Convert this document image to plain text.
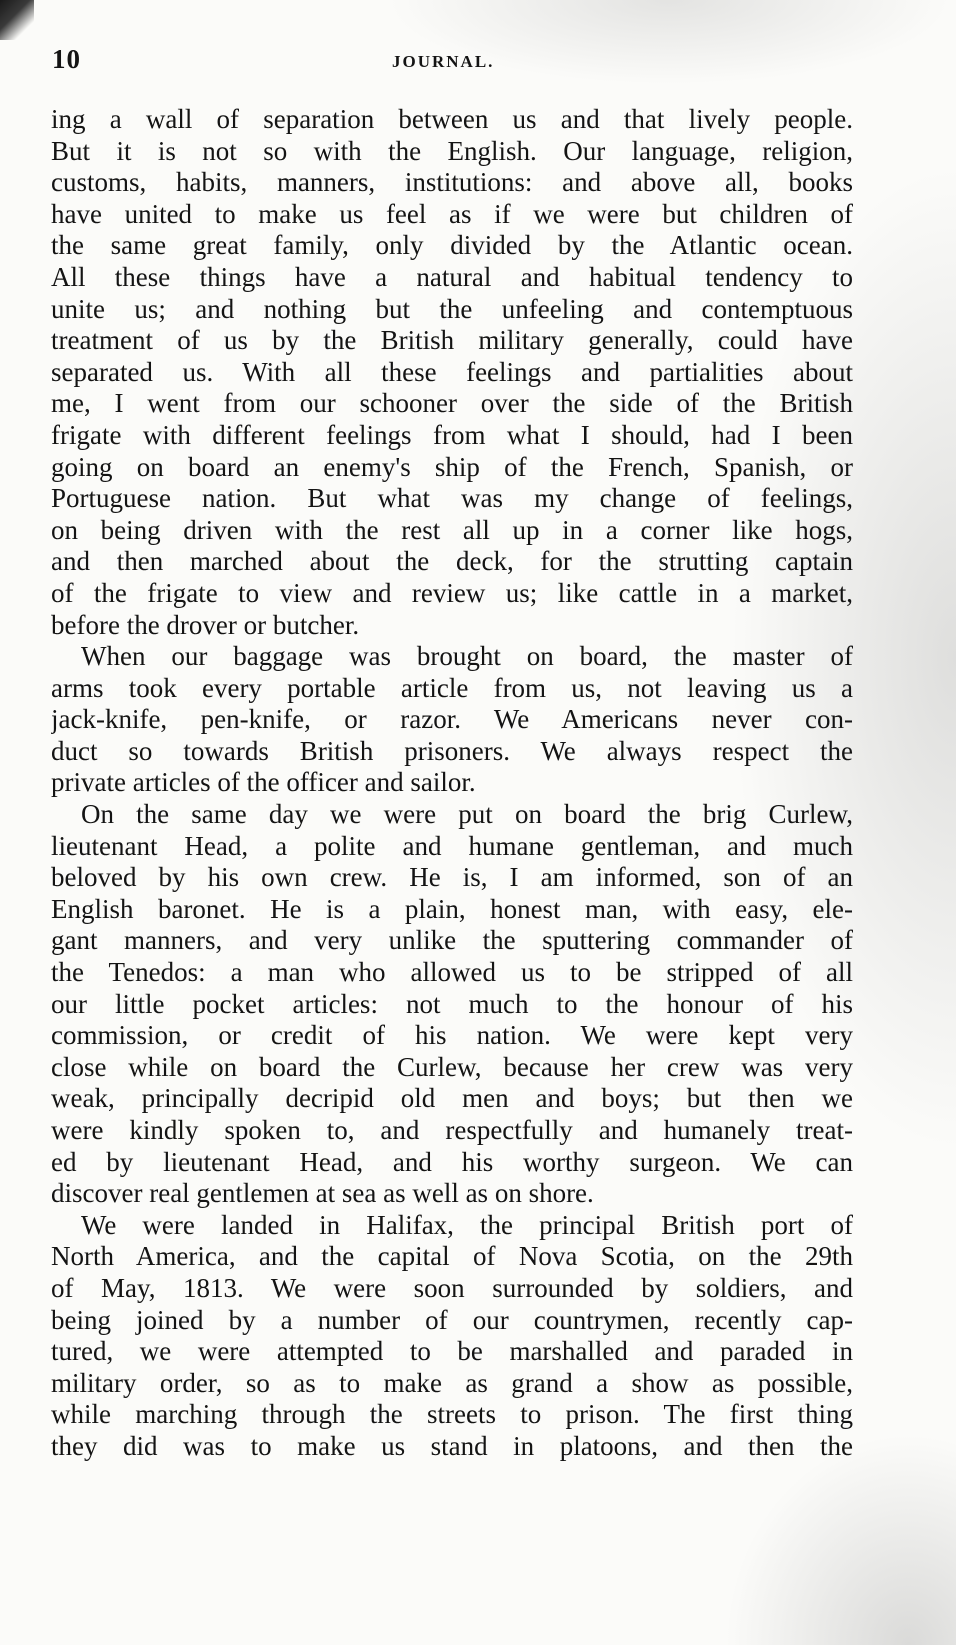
10	JOURNAL.
ing a wall of separation between us and that lively people.
But it is not so with the English. Our language, religion,
customs, habits, manners, institutions: and above all, books
have united to make us feel as if we were but children of
the same great family, only divided by the Atlantic ocean.
All these things have a natural and habitual tendency to
unite us; and nothing but the unfeeling and contemptuous
treatment of us by the British military generally, could have
separated us. With all these feelings and partialities about
me, I went from our schooner over the side of the British
frigate with different feelings from what I should, had I been
going on board an enemy's ship of the French, Spanish, or
Portuguese nation. But what was my change of feelings,
on being driven with the rest all up in a corner like hogs,
and then marched about the deck, for the strutting captain
of the frigate to view and review us; like cattle in a market,
before the drover or butcher.
When our baggage was brought on board, the master of
arms took every portable article from us, not leaving us a
jack-knife, pen-knife, or razor. We Americans never con-
duct so towards British prisoners. We always respect the
private articles of the officer and sailor.
On the same day we were put on board the brig Curlew,
lieutenant Head, a polite and humane gentleman, and much
beloved by his own crew. He is, I am informed, son of an
English baronet. He is a plain, honest man, with easy, ele-
gant manners, and very unlike the sputtering commander of
the Tenedos: a man who allowed us to be stripped of all
our little pocket articles: not much to the honour of his
commission, or credit of his nation. We were kept very
close while on board the Curlew, because her crew was very
weak, principally decripid old men and boys; but then we
were kindly spoken to, and respectfully and humanely treat-
ed by lieutenant Head, and his worthy surgeon. We can
discover real gentlemen at sea as well as on shore.
We were landed in Halifax, the principal British port of
North America, and the capital of Nova Scotia, on the 29th
of May, 1813. We were soon surrounded by soldiers, and
being joined by a number of our countrymen, recently cap-
tured, we were attempted to be marshalled and paraded in
military order, so as to make as grand a show as possible,
while marching through the streets to prison. The first thing
they did was to make us stand in platoons, and then the
